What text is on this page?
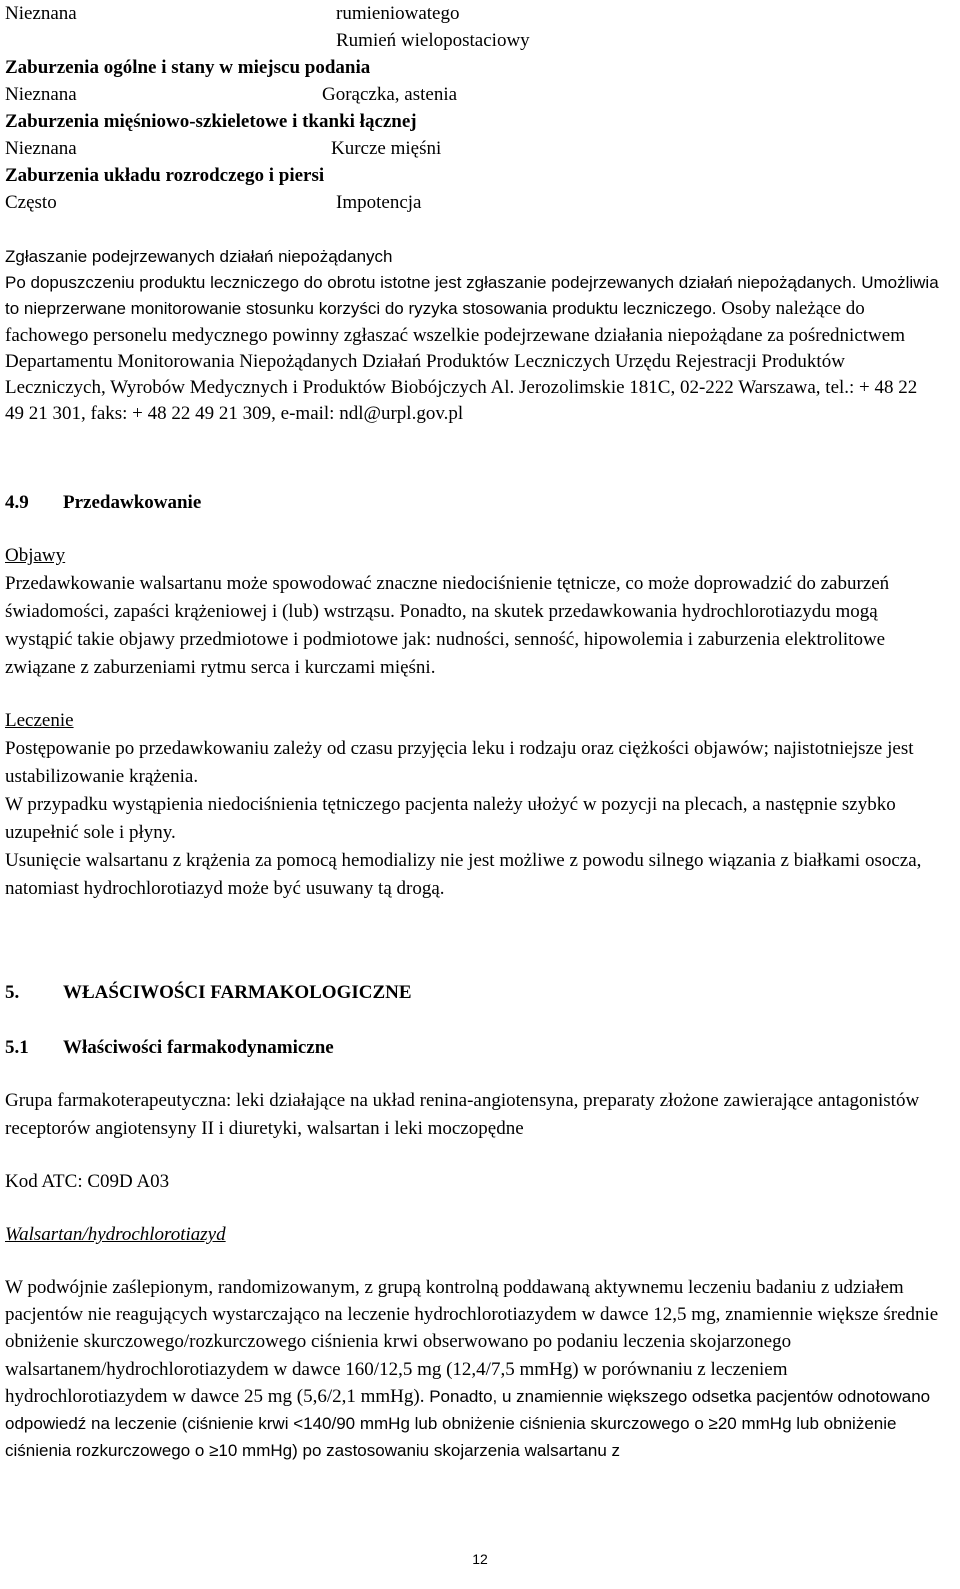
Nieznana	rumieniowatego
Rumień wielopostaciowy
Zaburzenia ogólne i stany w miejscu podania
Nieznana	Gorączka, astenia
Zaburzenia mięśniowo-szkieletowe i tkanki łącznej
Nieznana	Kurcze mięśni
Zaburzenia układu rozrodczego i piersi
Często	Impotencja
Zgłaszanie podejrzewanych działań niepożądanych

Po dopuszczeniu produktu leczniczego do obrotu istotne jest zgłaszanie podejrzewanych działań niepożądanych. Umożliwia to nieprzerwane monitorowanie stosunku korzyści do ryzyka stosowania produktu leczniczego. Osoby należące do fachowego personelu medycznego powinny zgłaszać wszelkie podejrzewane działania niepożądane za pośrednictwem Departamentu Monitorowania Niepożądanych Działań Produktów Leczniczych Urzędu Rejestracji Produktów Leczniczych, Wyrobów Medycznych i Produktów Biobójczych Al. Jerozolimskie 181C, 02-222 Warszawa, tel.: + 48 22 49 21 301, faks: + 48 22 49 21 309, e-mail: ndl@urpl.gov.pl

4.9 Przedawkowanie
Objawy

Przedawkowanie walsartanu może spowodować znaczne niedociśnienie tętnicze, co może doprowadzić do zaburzeń świadomości, zapaści krążeniowej i (lub) wstrząsu. Ponadto, na skutek przedawkowania hydrochlorotiazydu mogą wystąpić takie objawy przedmiotowe i podmiotowe jak: nudności, senność, hipowolemia i zaburzenia elektrolitowe związane z zaburzeniami rytmu serca i kurczami mięśni.

Leczenie

Postępowanie po przedawkowaniu zależy od czasu przyjęcia leku i rodzaju oraz ciężkości objawów; najistotniejsze jest ustabilizowanie krążenia.

W przypadku wystąpienia niedociśnienia tętniczego pacjenta należy ułożyć w pozycji na plecach, a następnie szybko uzupełnić sole i płyny.

Usunięcie walsartanu z krążenia za pomocą hemodializy nie jest możliwe z powodu silnego wiązania z białkami osocza, natomiast hydrochlorotiazyd może być usuwany tą drogą.

5. WŁAŚCIWOŚCI FARMAKOLOGICZNE
5.1 Właściwości farmakodynamiczne

Grupa farmakoterapeutyczna: leki działające na układ renina-angiotensyna, preparaty złożone zawierające antagonistów receptorów angiotensyny II i diuretyki, walsartan i leki moczopędne

Kod ATC: C09D A03

Walsartan/hydrochlorotiazyd

W podwójnie zaślepionym, randomizowanym, z grupą kontrolną poddawaną aktywnemu leczeniu badaniu z udziałem pacjentów nie reagujących wystarczająco na leczenie hydrochlorotiazydem w dawce 12,5 mg, znamiennie większe średnie obniżenie skurczowego/rozkurczowego ciśnienia krwi obserwowano po podaniu leczenia skojarzonego walsartanem/hydrochlorotiazydem w dawce 160/12,5 mg (12,4/7,5 mmHg) w porównaniu z leczeniem hydrochlorotiazydem w dawce 25 mg (5,6/2,1 mmHg). Ponadto, u znamiennie większego odsetka pacjentów odnotowano odpowiedź na leczenie (ciśnienie krwi <140/90 mmHg lub obniżenie ciśnienia skurczowego o ≥20 mmHg lub obniżenie ciśnienia rozkurczowego o ≥10 mmHg) po zastosowaniu skojarzenia walsartanu z

12
